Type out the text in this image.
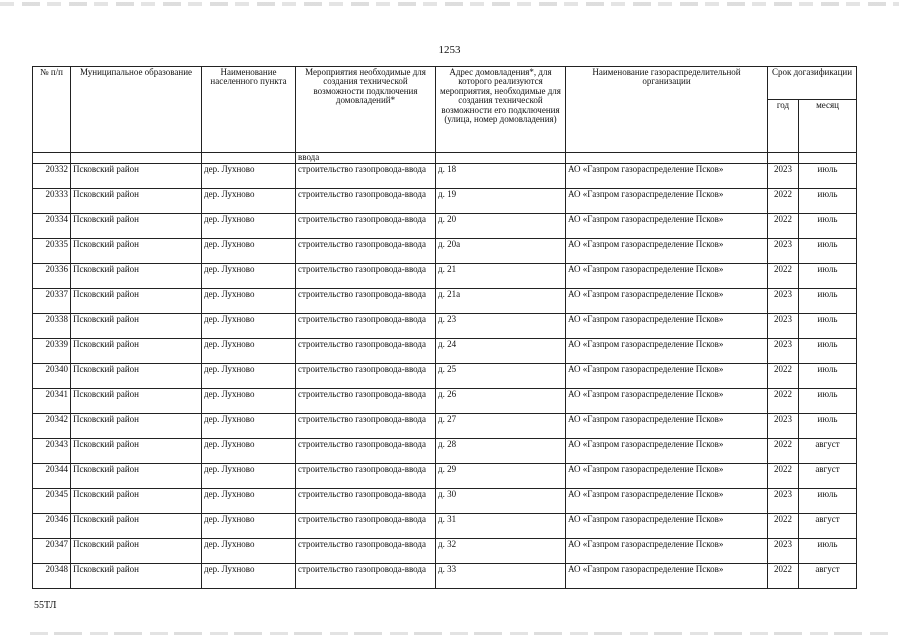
1253
№ п/п	Муниципальное образование	Наименование населенного пункта	Мероприятия необходимые для создания технической возможности подключения домовладений*	Адрес домовладения*, для которого реализуются мероприятия, необходимые для создания технической возможности его подключения (улица, номер домовладения)	Наименование газораспределительной организации	Срок догазификации	
						год	месяц
			ввода				
20332	Псковский район	дер. Лухново	строительство газопровода-ввода	д. 18	АО «Газпром газораспределение Псков»	2023	июль
20333	Псковский район	дер. Лухново	строительство газопровода-ввода	д. 19	АО «Газпром газораспределение Псков»	2022	июль
20334	Псковский район	дер. Лухново	строительство газопровода-ввода	д. 20	АО «Газпром газораспределение Псков»	2022	июль
20335	Псковский район	дер. Лухново	строительство газопровода-ввода	д. 20а	АО «Газпром газораспределение Псков»	2023	июль
20336	Псковский район	дер. Лухново	строительство газопровода-ввода	д. 21	АО «Газпром газораспределение Псков»	2022	июль
20337	Псковский район	дер. Лухново	строительство газопровода-ввода	д. 21а	АО «Газпром газораспределение Псков»	2023	июль
20338	Псковский район	дер. Лухново	строительство газопровода-ввода	д. 23	АО «Газпром газораспределение Псков»	2023	июль
20339	Псковский район	дер. Лухново	строительство газопровода-ввода	д. 24	АО «Газпром газораспределение Псков»	2023	июль
20340	Псковский район	дер. Лухново	строительство газопровода-ввода	д. 25	АО «Газпром газораспределение Псков»	2022	июль
20341	Псковский район	дер. Лухново	строительство газопровода-ввода	д. 26	АО «Газпром газораспределение Псков»	2022	июль
20342	Псковский район	дер. Лухново	строительство газопровода-ввода	д. 27	АО «Газпром газораспределение Псков»	2023	июль
20343	Псковский район	дер. Лухново	строительство газопровода-ввода	д. 28	АО «Газпром газораспределение Псков»	2022	август
20344	Псковский район	дер. Лухново	строительство газопровода-ввода	д. 29	АО «Газпром газораспределение Псков»	2022	август
20345	Псковский район	дер. Лухново	строительство газопровода-ввода	д. 30	АО «Газпром газораспределение Псков»	2023	июль
20346	Псковский район	дер. Лухново	строительство газопровода-ввода	д. 31	АО «Газпром газораспределение Псков»	2022	август
20347	Псковский район	дер. Лухново	строительство газопровода-ввода	д. 32	АО «Газпром газораспределение Псков»	2023	июль
20348	Псковский район	дер. Лухново	строительство газопровода-ввода	д. 33	АО «Газпром газораспределение Псков»	2022	август
55ТЛ
